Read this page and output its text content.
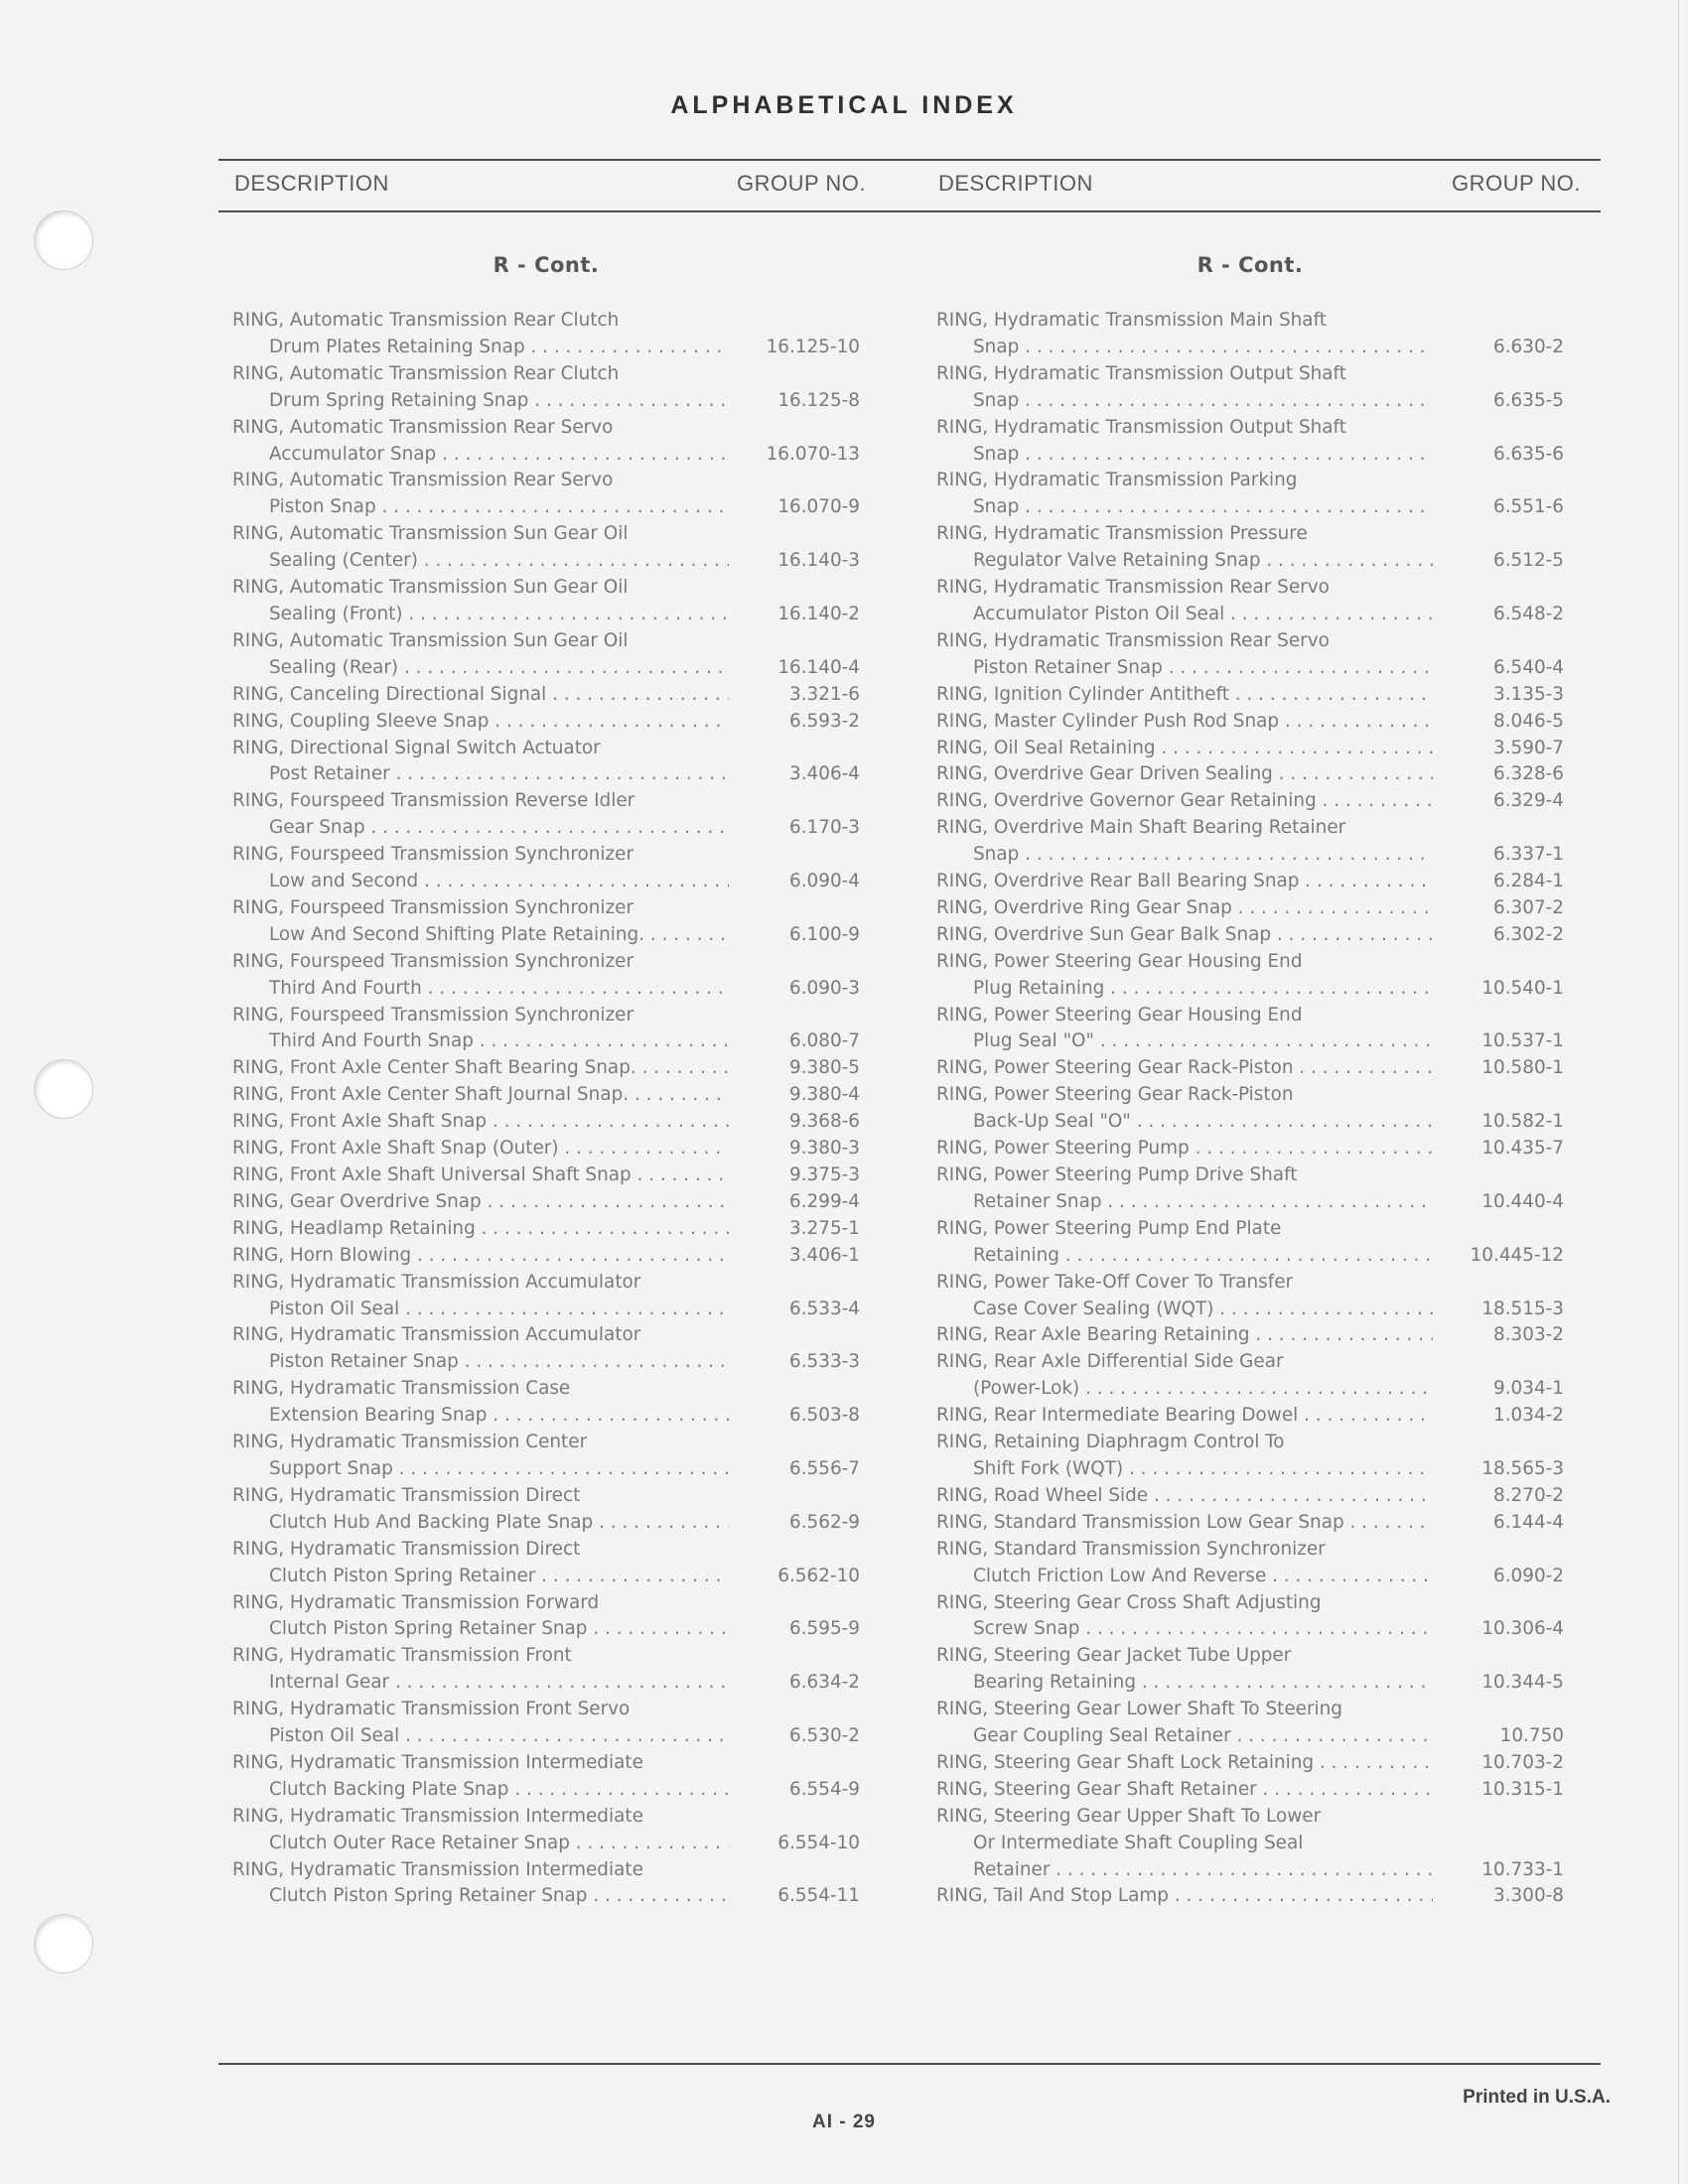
ALPHABETICAL INDEX
DESCRIPTION	GROUP NO.	DESCRIPTION	GROUP NO.
R - Cont.
RING, Automatic Transmission Rear Clutch
Drum Plates Retaining Snap . . .	16.125-10
RING, Automatic Transmission Rear Clutch
Drum Spring Retaining Snap . . .	16.125-8
RING, Automatic Transmission Rear Servo
Accumulator Snap . . .	16.070-13
RING, Automatic Transmission Rear Servo
Piston Snap . . .	16.070-9
RING, Automatic Transmission Sun Gear Oil
Sealing (Center) . . .	16.140-3
RING, Automatic Transmission Sun Gear Oil
Sealing (Front) . . .	16.140-2
RING, Automatic Transmission Sun Gear Oil
Sealing (Rear) . . .	16.140-4
RING, Canceling Directional Signal . . .	3.321-6
RING, Coupling Sleeve Snap . . .	6.593-2
RING, Directional Signal Switch Actuator
Post Retainer . . .	3.406-4
RING, Fourspeed Transmission Reverse Idler
Gear Snap . . .	6.170-3
RING, Fourspeed Transmission Synchronizer
Low and Second . . .	6.090-4
RING, Fourspeed Transmission Synchronizer
Low And Second Shifting Plate Retaining. . . .	6.100-9
RING, Fourspeed Transmission Synchronizer
Third And Fourth . . .	6.090-3
RING, Fourspeed Transmission Synchronizer
Third And Fourth Snap . . .	6.080-7
RING, Front Axle Center Shaft Bearing Snap. . . .	9.380-5
RING, Front Axle Center Shaft Journal Snap. . . .	9.380-4
RING, Front Axle Shaft Snap . . .	9.368-6
RING, Front Axle Shaft Snap (Outer) . . .	9.380-3
RING, Front Axle Shaft Universal Shaft Snap . . .	9.375-3
RING, Gear Overdrive Snap . . .	6.299-4
RING, Headlamp Retaining . . .	3.275-1
RING, Horn Blowing . . .	3.406-1
RING, Hydramatic Transmission Accumulator
Piston Oil Seal . . .	6.533-4
RING, Hydramatic Transmission Accumulator
Piston Retainer Snap . . .	6.533-3
RING, Hydramatic Transmission Case
Extension Bearing Snap . . .	6.503-8
RING, Hydramatic Transmission Center
Support Snap . . .	6.556-7
RING, Hydramatic Transmission Direct
Clutch Hub And Backing Plate Snap . . .	6.562-9
RING, Hydramatic Transmission Direct
Clutch Piston Spring Retainer . . .	6.562-10
RING, Hydramatic Transmission Forward
Clutch Piston Spring Retainer Snap . . .	6.595-9
RING, Hydramatic Transmission Front
Internal Gear . . .	6.634-2
RING, Hydramatic Transmission Front Servo
Piston Oil Seal . . .	6.530-2
RING, Hydramatic Transmission Intermediate
Clutch Backing Plate Snap . . .	6.554-9
RING, Hydramatic Transmission Intermediate
Clutch Outer Race Retainer Snap . . .	6.554-10
RING, Hydramatic Transmission Intermediate
Clutch Piston Spring Retainer Snap . . .	6.554-11
R - Cont.
RING, Hydramatic Transmission Main Shaft
Snap . . .	6.630-2
RING, Hydramatic Transmission Output Shaft
Snap . . .	6.635-5
RING, Hydramatic Transmission Output Shaft
Snap . . .	6.635-6
RING, Hydramatic Transmission Parking
Snap . . .	6.551-6
RING, Hydramatic Transmission Pressure
Regulator Valve Retaining Snap . . .	6.512-5
RING, Hydramatic Transmission Rear Servo
Accumulator Piston Oil Seal . . .	6.548-2
RING, Hydramatic Transmission Rear Servo
Piston Retainer Snap . . .	6.540-4
RING, Ignition Cylinder Antitheft . . .	3.135-3
RING, Master Cylinder Push Rod Snap . . .	8.046-5
RING, Oil Seal Retaining . . .	3.590-7
RING, Overdrive Gear Driven Sealing . . .	6.328-6
RING, Overdrive Governor Gear Retaining . . .	6.329-4
RING, Overdrive Main Shaft Bearing Retainer
Snap . . .	6.337-1
RING, Overdrive Rear Ball Bearing Snap . . .	6.284-1
RING, Overdrive Ring Gear Snap . . .	6.307-2
RING, Overdrive Sun Gear Balk Snap . . .	6.302-2
RING, Power Steering Gear Housing End
Plug Retaining . . .	10.540-1
RING, Power Steering Gear Housing End
Plug Seal "O" . . .	10.537-1
RING, Power Steering Gear Rack-Piston . . .	10.580-1
RING, Power Steering Gear Rack-Piston
Back-Up Seal "O" . . .	10.582-1
RING, Power Steering Pump . . .	10.435-7
RING, Power Steering Pump Drive Shaft
Retainer Snap . . .	10.440-4
RING, Power Steering Pump End Plate
Retaining . . .	10.445-12
RING, Power Take-Off Cover To Transfer
Case Cover Sealing (WQT) . . .	18.515-3
RING, Rear Axle Bearing Retaining . . .	8.303-2
RING, Rear Axle Differential Side Gear
(Power-Lok) . . .	9.034-1
RING, Rear Intermediate Bearing Dowel . . .	1.034-2
RING, Retaining Diaphragm Control To
Shift Fork (WQT) . . .	18.565-3
RING, Road Wheel Side . . .	8.270-2
RING, Standard Transmission Low Gear Snap . . .	6.144-4
RING, Standard Transmission Synchronizer
Clutch Friction Low And Reverse . . .	6.090-2
RING, Steering Gear Cross Shaft Adjusting
Screw Snap . . .	10.306-4
RING, Steering Gear Jacket Tube Upper
Bearing Retaining . . .	10.344-5
RING, Steering Gear Lower Shaft To Steering
Gear Coupling Seal Retainer . . .	10.750
RING, Steering Gear Shaft Lock Retaining . . .	10.703-2
RING, Steering Gear Shaft Retainer . . .	10.315-1
RING, Steering Gear Upper Shaft To Lower
Or Intermediate Shaft Coupling Seal
Retainer . . .	10.733-1
RING, Tail And Stop Lamp . . .	3.300-8
Printed in U.S.A.
AI - 29
